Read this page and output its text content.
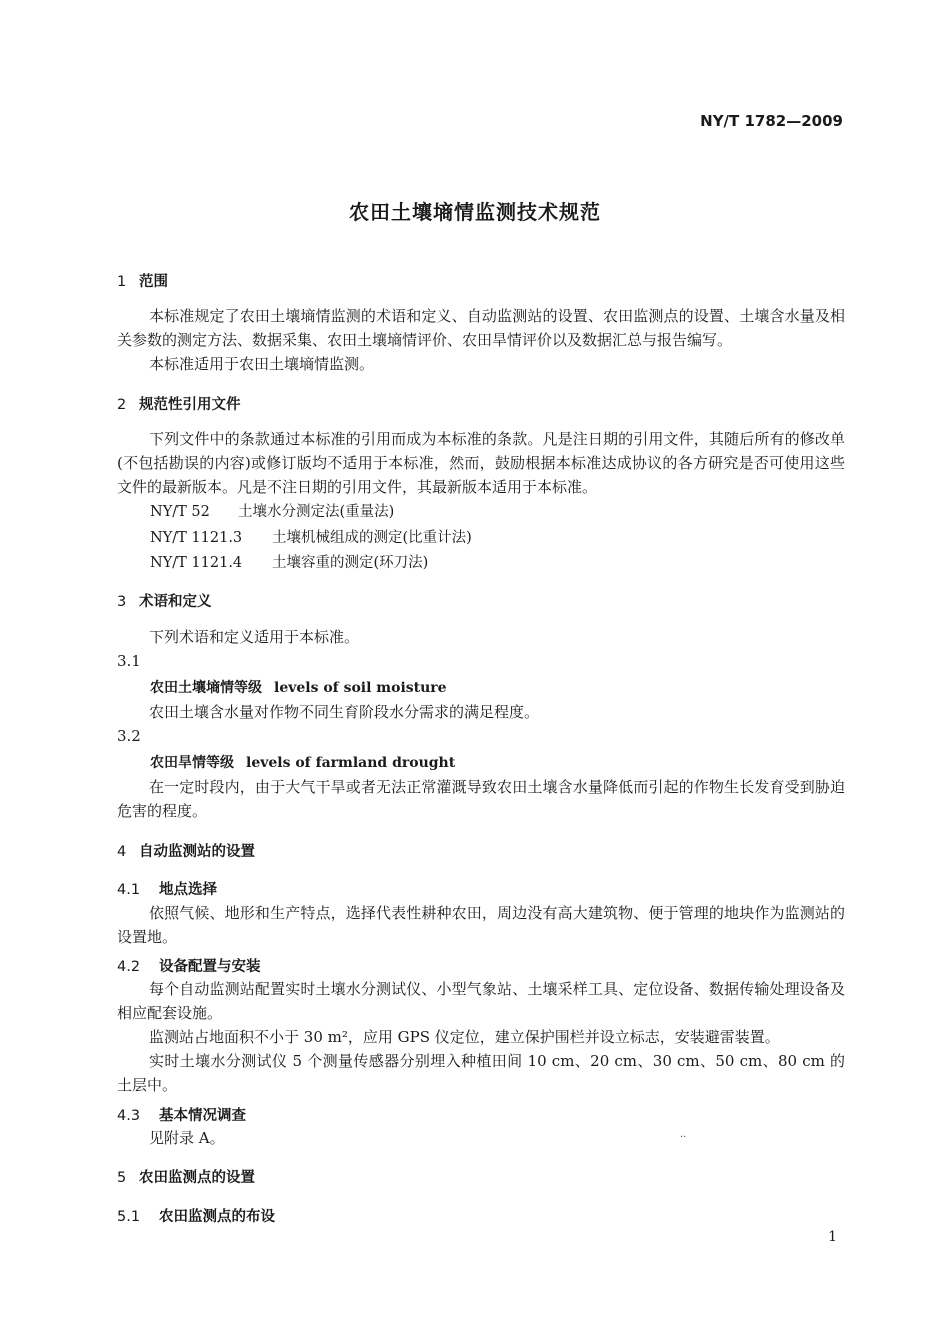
NY/T 1782—2009
农田土壤墒情监测技术规范
1 范围
本标准规定了农田土壤墒情监测的术语和定义、自动监测站的设置、农田监测点的设置、土壤含水量及相关参数的测定方法、数据采集、农田土壤墒情评价、农田旱情评价以及数据汇总与报告编写。
本标准适用于农田土壤墒情监测。
2 规范性引用文件
下列文件中的条款通过本标准的引用而成为本标准的条款。凡是注日期的引用文件，其随后所有的修改单(不包括勘误的内容)或修订版均不适用于本标准，然而，鼓励根据本标准达成协议的各方研究是否可使用这些文件的最新版本。凡是不注日期的引用文件，其最新版本适用于本标准。
NY/T 52 土壤水分测定法(重量法)
NY/T 1121.3 土壤机械组成的测定(比重计法)
NY/T 1121.4 土壤容重的测定(环刀法)
3 术语和定义
下列术语和定义适用于本标准。
3.1
农田土壤墒情等级 levels of soil moisture
农田土壤含水量对作物不同生育阶段水分需求的满足程度。
3.2
农田旱情等级 levels of farmland drought
在一定时段内，由于大气干旱或者无法正常灌溉导致农田土壤含水量降低而引起的作物生长发育受到胁迫危害的程度。
4 自动监测站的设置
4.1 地点选择
依照气候、地形和生产特点，选择代表性耕种农田，周边没有高大建筑物、便于管理的地块作为监测站的设置地。
4.2 设备配置与安装
每个自动监测站配置实时土壤水分测试仪、小型气象站、土壤采样工具、定位设备、数据传输处理设备及相应配套设施。
监测站占地面积不小于 30 m²，应用 GPS 仪定位，建立保护围栏并设立标志，安装避雷装置。
实时土壤水分测试仪 5 个测量传感器分别埋入种植田间 10 cm、20 cm、30 cm、50 cm、80 cm 的土层中。
4.3 基本情况调查
见附录 A。	..
5 农田监测点的设置
5.1 农田监测点的布设
1
